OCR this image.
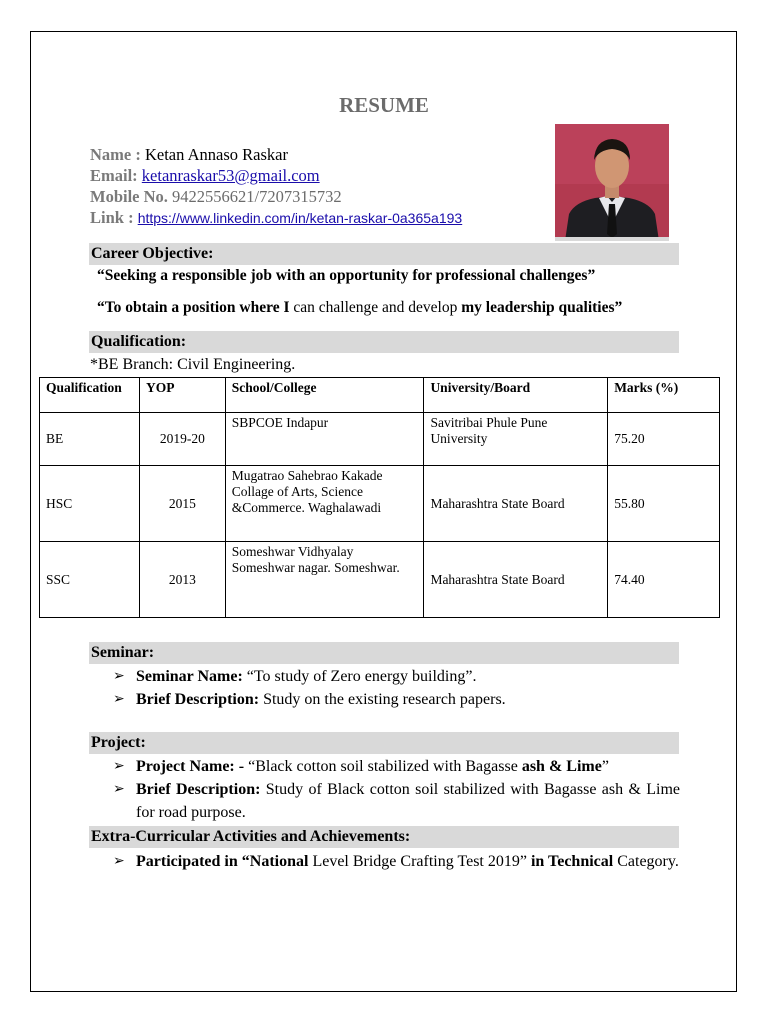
RESUME
Name : Ketan Annaso Raskar
Email: ketanraskar53@gmail.com
Mobile No. 9422556621/7207315732
Link : https://www.linkedin.com/in/ketan-raskar-0a365a193
Career Objective:
“Seeking a responsible job with an opportunity for professional challenges”
“To obtain a position where I can challenge and develop my leadership qualities”
Qualification:
*BE Branch: Civil Engineering.
Qualification	YOP	School/College	University/Board	Marks (%)
BE	2019-20	SBPCOE Indapur	Savitribai Phule Pune University	75.20
HSC	2015	Mugatrao Sahebrao Kakade Collage of Arts, Science &Commerce. Waghalawadi	Maharashtra State Board	55.80
SSC	2013	Someshwar Vidhyalay Someshwar nagar. Someshwar.	Maharashtra State Board	74.40
Seminar:
➢ Seminar Name: “To study of Zero energy building”.
➢ Brief Description: Study on the existing research papers.
Project:
➢ Project Name: - “Black cotton soil stabilized with Bagasse ash & Lime”
➢ Brief Description: Study of Black cotton soil stabilized with Bagasse ash & Lime for road purpose.
Extra-Curricular Activities and Achievements:
➢ Participated in “National Level Bridge Crafting Test 2019” in Technical Category.
